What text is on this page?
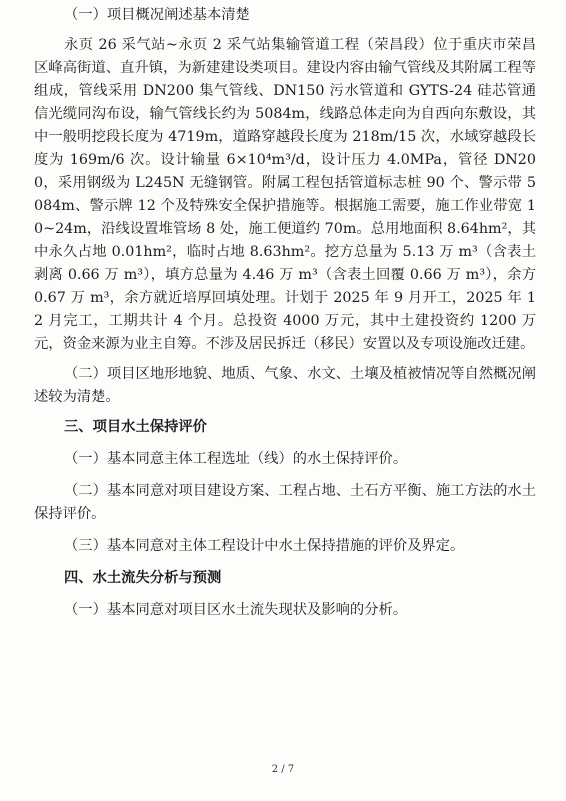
（一）项目概况阐述基本清楚

永页 26 采气站~永页 2 采气站集输管道工程（荣昌段）位于重庆市荣昌区峰高街道、直升镇，为新建建设类项目。建设内容由输气管线及其附属工程等组成，管线采用 DN200 集气管线、DN150 污水管道和 GYTS-24 硅芯管通信光缆同沟布设，输气管线长约为 5084m，线路总体走向为自西向东敷设，其中一般明挖段长度为 4719m，道路穿越段长度为 218m/15 次，水域穿越段长度为 169m/6 次。设计输量 6×10⁴m³/d，设计压力 4.0MPa，管径 DN200，采用钢级为 L245N 无缝钢管。附属工程包括管道标志桩 90 个、警示带 5084m、警示牌 12 个及特殊安全保护措施等。根据施工需要，施工作业带宽 10~24m，沿线设置堆管场 8 处，施工便道约 70m。总用地面积 8.64hm²，其中永久占地 0.01hm²，临时占地 8.63hm²。挖方总量为 5.13 万 m³（含表土剥离 0.66 万 m³），填方总量为 4.46 万 m³（含表土回覆 0.66 万 m³），余方 0.67 万 m³，余方就近培厚回填处理。计划于 2025 年 9 月开工，2025 年 12 月完工，工期共计 4 个月。总投资 4000 万元，其中土建投资约 1200 万元，资金来源为业主自筹。不涉及居民拆迁（移民）安置以及专项设施改迁建。

（二）项目区地形地貌、地质、气象、水文、土壤及植被情况等自然概况阐述较为清楚。

三、项目水土保持评价

（一）基本同意主体工程选址（线）的水土保持评价。

（二）基本同意对项目建设方案、工程占地、土石方平衡、施工方法的水土保持评价。

（三）基本同意对主体工程设计中水土保持措施的评价及界定。

四、水土流失分析与预测

（一）基本同意对项目区水土流失现状及影响的分析。

2 / 7
